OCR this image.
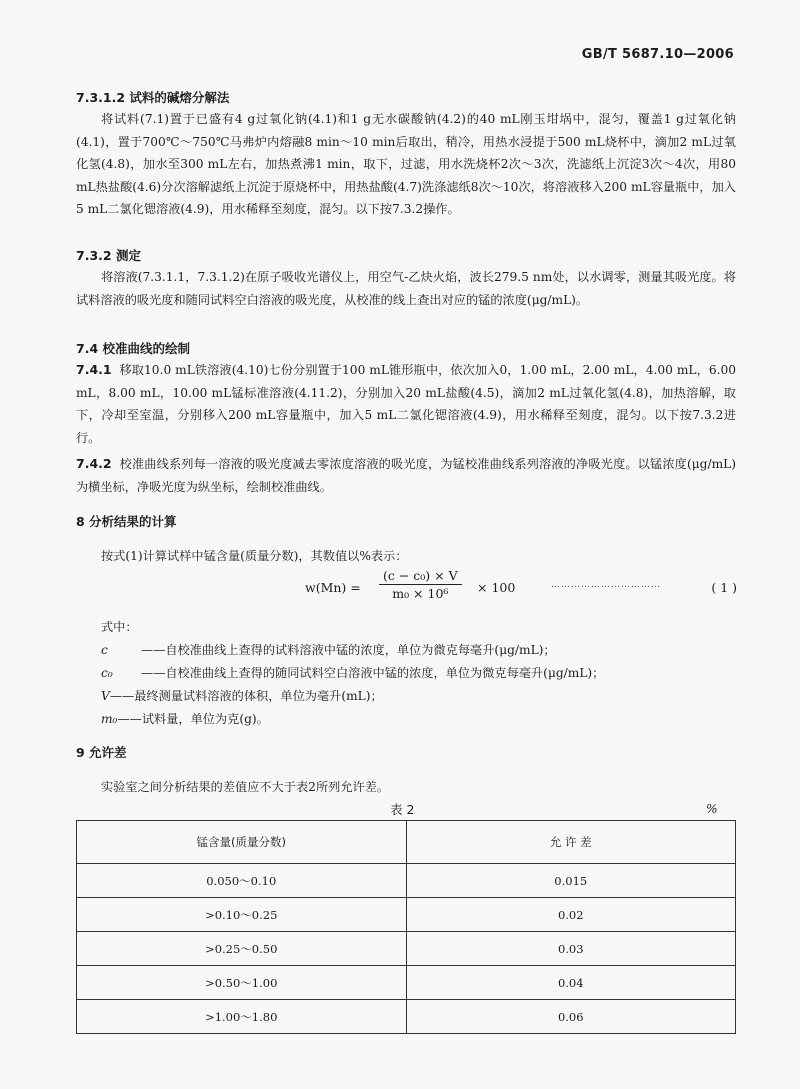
GB/T 5687.10—2006
7.3.1.2 试料的碱熔分解法
将试料(7.1)置于已盛有4 g过氧化钠(4.1)和1 g无水碳酸钠(4.2)的40 mL刚玉坩埚中，混匀，覆盖1 g过氧化钠(4.1)，置于700℃～750℃马弗炉内熔融8 min～10 min后取出，稍冷，用热水浸提于500 mL烧杯中，滴加2 mL过氧化氢(4.8)，加水至300 mL左右，加热煮沸1 min，取下，过滤，用水洗烧杯2次～3次，洗滤纸上沉淀3次～4次，用80 mL热盐酸(4.6)分次溶解滤纸上沉淀于原烧杯中，用热盐酸(4.7)洗涤滤纸8次～10次，将溶液移入200 mL容量瓶中，加入5 mL二氯化锶溶液(4.9)，用水稀释至刻度，混匀。以下按7.3.2操作。
7.3.2 测定
将溶液(7.3.1.1，7.3.1.2)在原子吸收光谱仪上，用空气-乙炔火焰，波长279.5 nm处，以水调零，测量其吸光度。将试料溶液的吸光度和随同试料空白溶液的吸光度，从校准的线上查出对应的锰的浓度(μg/mL)。
7.4 校准曲线的绘制
7.4.1 移取10.0 mL铁溶液(4.10)七份分别置于100 mL锥形瓶中，依次加入0，1.00 mL，2.00 mL，4.00 mL，6.00 mL，8.00 mL，10.00 mL锰标准溶液(4.11.2)，分别加入20 mL盐酸(4.5)，滴加2 mL过氧化氢(4.8)，加热溶解，取下，冷却至室温，分别移入200 mL容量瓶中，加入5 mL二氯化锶溶液(4.9)，用水稀释至刻度，混匀。以下按7.3.2进行。
7.4.2 校准曲线系列每一溶液的吸光度减去零浓度溶液的吸光度，为锰校准曲线系列溶液的净吸光度。以锰浓度(μg/mL)为横坐标，净吸光度为纵坐标，绘制校准曲线。
8 分析结果的计算
按式(1)计算试样中锰含量(质量分数)，其数值以%表示：
$w(Mn) = \frac{\text{(c − c₀) × V}}{\text{m₀ × 10⁶}} \times 100$	……………………………	( 1 )
式中：
c	——自校准曲线上查得的试料溶液中锰的浓度，单位为微克每毫升(μg/mL)；
c₀ ——自校准曲线上查得的随同试料空白溶液中锰的浓度，单位为微克每毫升(μg/mL)；
V——最终测量试料溶液的体积，单位为毫升(mL)；
m₀——试料量，单位为克(g)。
9 允许差
实验室之间分析结果的差值应不大于表2所列允许差。
表 2	%
锰含量(质量分数)	允 许 差
0.050～0.10	0.015
>0.10～0.25	0.02
>0.25～0.50	0.03
>0.50～1.00	0.04
>1.00～1.80	0.06
